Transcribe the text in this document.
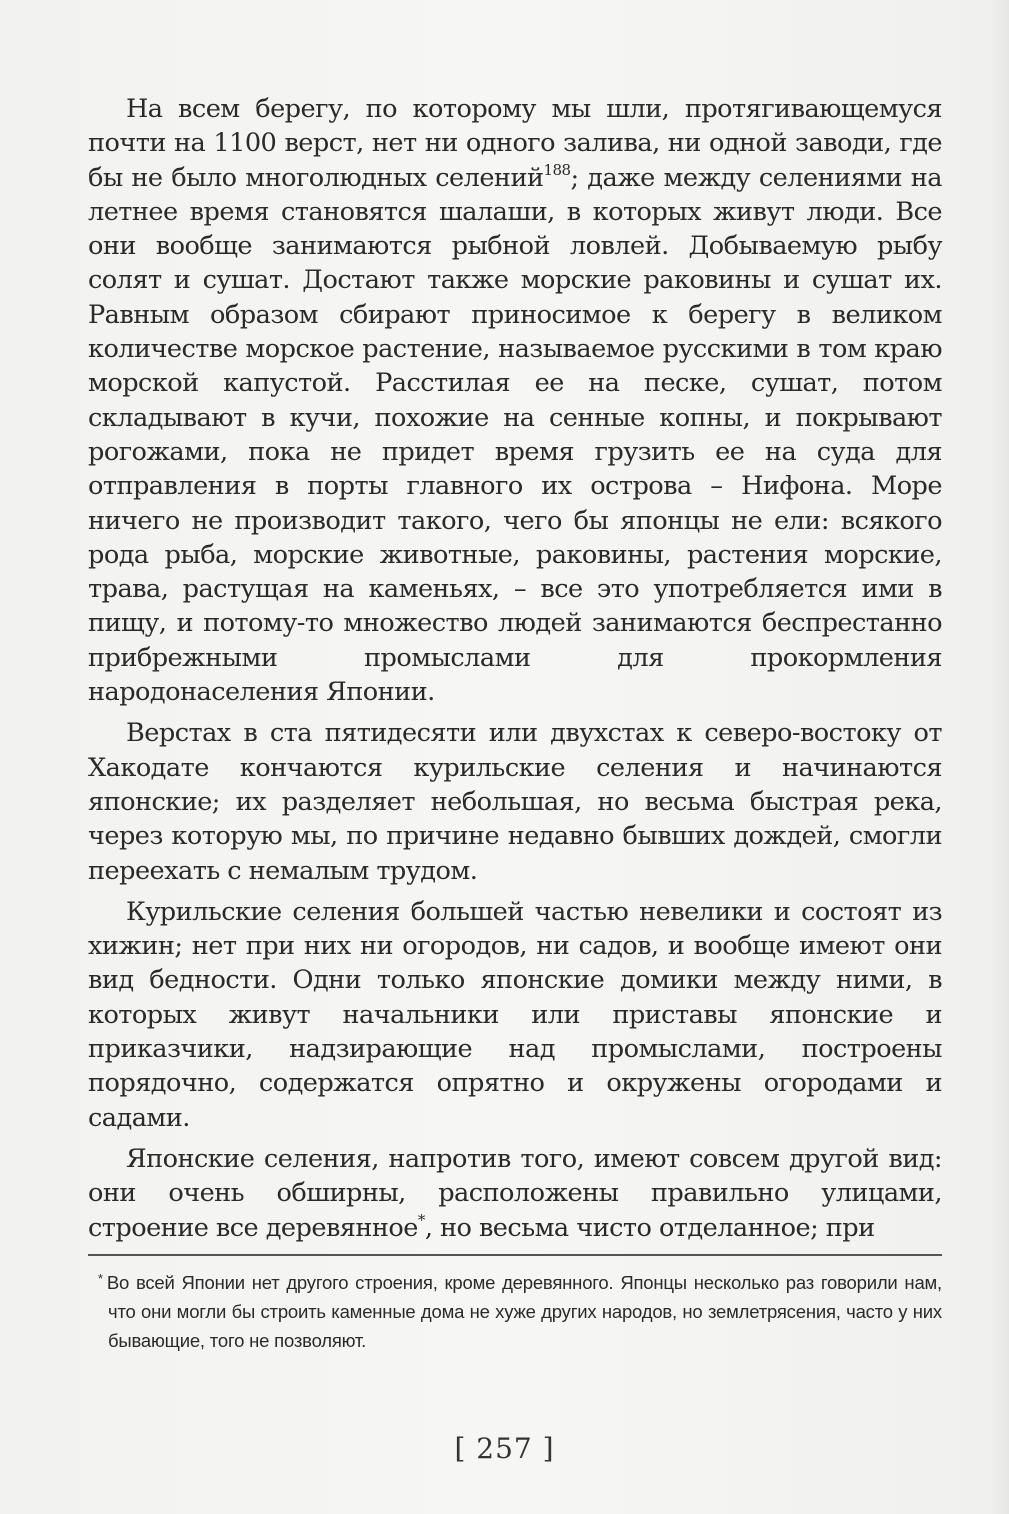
На всем берегу, по которому мы шли, протягивающемуся почти на 1100 верст, нет ни одного залива, ни одной заводи, где бы не было многолюдных селений$^{188}$; даже между селениями на летнее время становятся шалаши, в которых живут люди. Все они вообще занимаются рыбной ловлей. Добываемую рыбу солят и сушат. Достают также морские раковины и сушат их. Равным образом сбирают приносимое к берегу в великом количестве морское растение, называемое русскими в том краю морской капустой. Расстилая ее на песке, сушат, потом складывают в кучи, похожие на сенные копны, и покрывают рогожами, пока не придет время грузить ее на суда для отправления в порты главного их острова – Нифона. Море ничего не производит такого, чего бы японцы не ели: всякого рода рыба, морские животные, раковины, растения морские, трава, растущая на каменьях, – все это употребляется ими в пищу, и потому-то множество людей занимаются беспрестанно прибрежными промыслами для прокормления народонаселения Японии.

Верстах в ста пятидесяти или двухстах к северо-востоку от Хакодате кончаются курильские селения и начинаются японские; их разделяет небольшая, но весьма быстрая река, через которую мы, по причине недавно бывших дождей, смогли переехать с немалым трудом.

Курильские селения большей частью невелики и состоят из хижин; нет при них ни огородов, ни садов, и вообще имеют они вид бедности. Одни только японские домики между ними, в которых живут начальники или приставы японские и приказчики, надзирающие над промыслами, построены порядочно, содержатся опрятно и окружены огородами и садами.

Японские селения, напротив того, имеют совсем другой вид: они очень обширны, расположены правильно улицами, строение все деревянное*, но весьма чисто отделанное; при

* Во всей Японии нет другого строения, кроме деревянного. Японцы несколько раз говорили нам, что они могли бы строить каменные дома не хуже других народов, но землетрясения, часто у них бывающие, того не позволяют.

[ 257 ]
